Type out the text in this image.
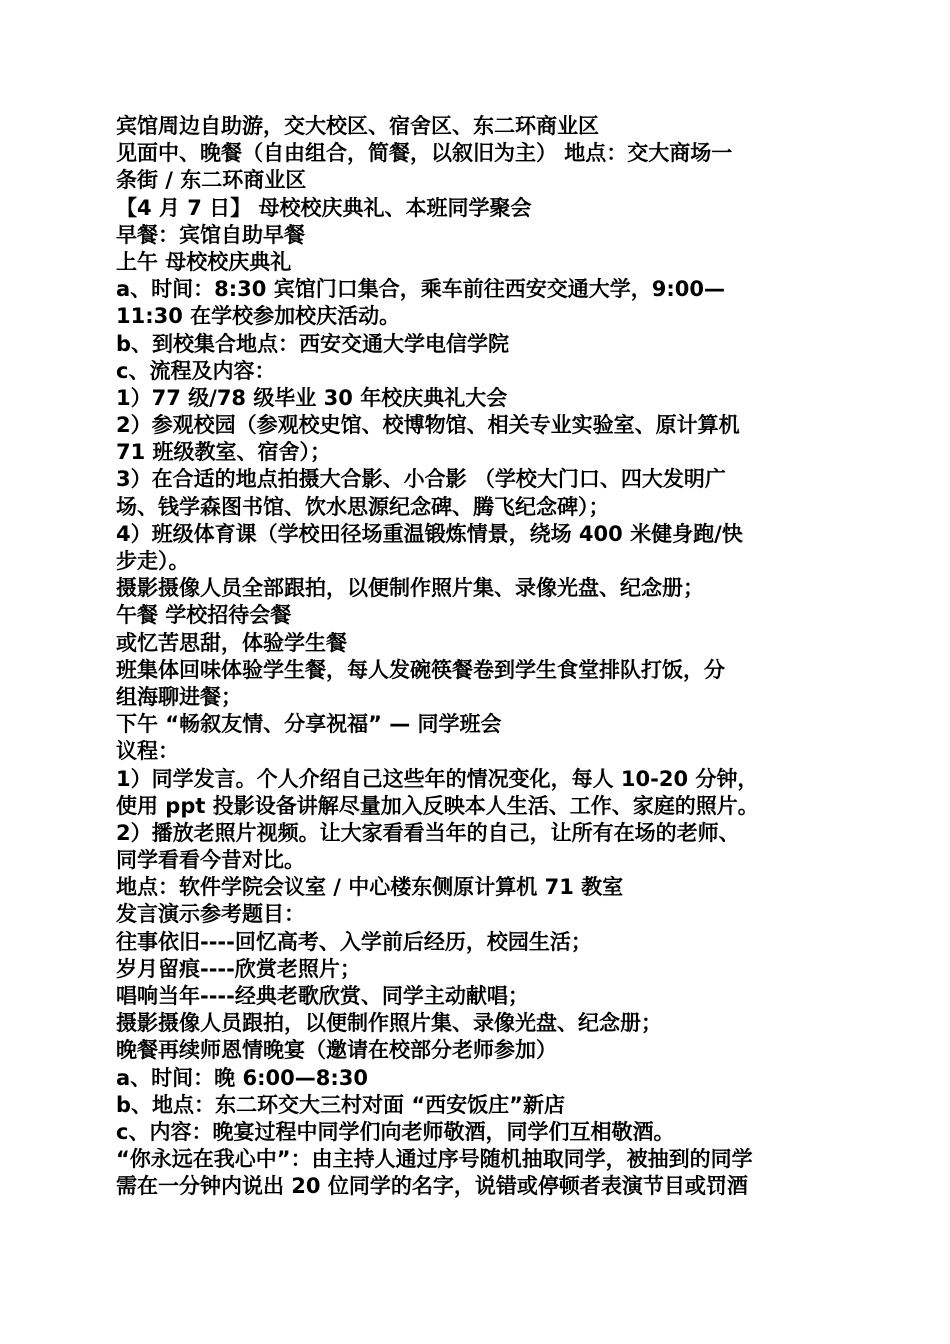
宾馆周边自助游，交大校区、宿舍区、东二环商业区
见面中、晚餐（自由组合，简餐，以叙旧为主） 地点：交大商场一
条街 / 东二环商业区
【4 月 7 日】 母校校庆典礼、本班同学聚会
早餐：宾馆自助早餐
上午 母校校庆典礼
a、时间：8:30 宾馆门口集合，乘车前往西安交通大学，9:00—
11:30 在学校参加校庆活动。
b、到校集合地点：西安交通大学电信学院
c、流程及内容：
1）77 级/78 级毕业 30 年校庆典礼大会
2）参观校园（参观校史馆、校博物馆、相关专业实验室、原计算机
71 班级教室、宿舍）；
3）在合适的地点拍摄大合影、小合影 （学校大门口、四大发明广
场、钱学森图书馆、饮水思源纪念碑、腾飞纪念碑）；
4）班级体育课（学校田径场重温锻炼情景，绕场 400 米健身跑/快
步走）。
摄影摄像人员全部跟拍，以便制作照片集、录像光盘、纪念册；
午餐 学校招待会餐
或忆苦思甜，体验学生餐
班集体回味体验学生餐，每人发碗筷餐卷到学生食堂排队打饭，分
组海聊进餐；
下午 “畅叙友情、分享祝福” — 同学班会
议程：
1）同学发言。个人介绍自己这些年的情况变化，每人 10-20 分钟，
使用 ppt 投影设备讲解尽量加入反映本人生活、工作、家庭的照片。
2）播放老照片视频。让大家看看当年的自己，让所有在场的老师、
同学看看今昔对比。
地点：软件学院会议室 / 中心楼东侧原计算机 71 教室
发言演示参考题目：
往事依旧----回忆高考、入学前后经历，校园生活；
岁月留痕----欣赏老照片；
唱响当年----经典老歌欣赏、同学主动献唱；
摄影摄像人员跟拍，以便制作照片集、录像光盘、纪念册；
晚餐再续师恩情晚宴（邀请在校部分老师参加）
a、时间：晚 6:00—8:30
b、地点：东二环交大三村对面 “西安饭庄”新店
c、内容：晚宴过程中同学们向老师敬酒，同学们互相敬酒。
“你永远在我心中”：由主持人通过序号随机抽取同学，被抽到的同学
需在一分钟内说出 20 位同学的名字，说错或停顿者表演节目或罚酒
